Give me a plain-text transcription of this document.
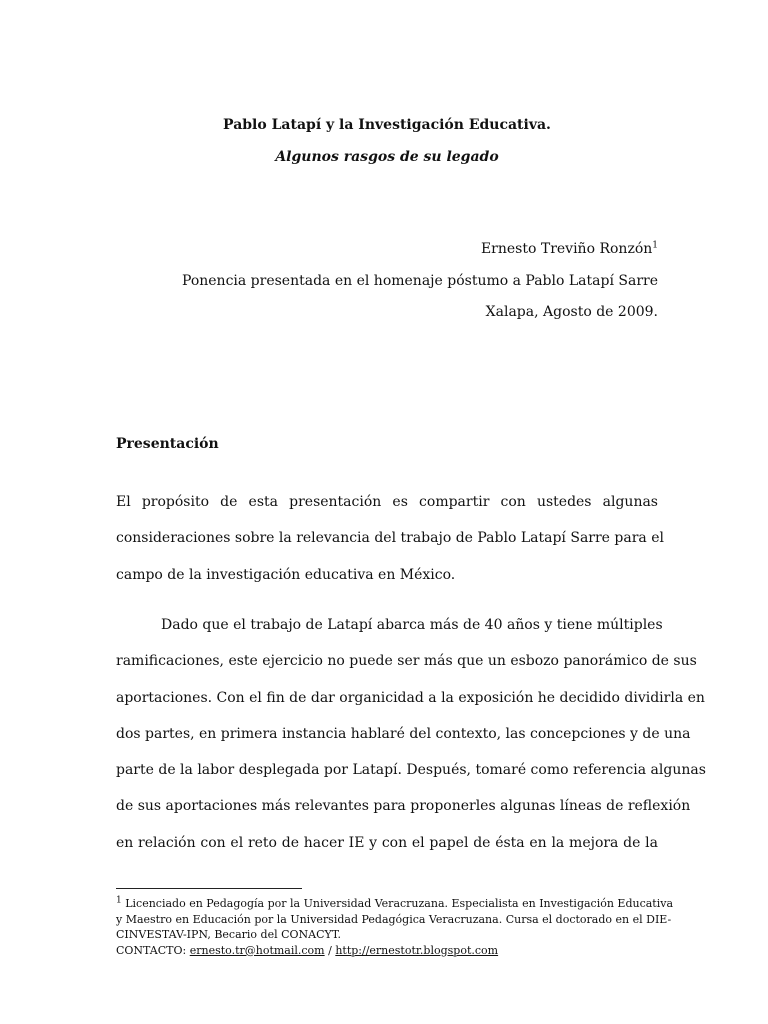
Pablo Latapí y la Investigación Educativa.
Algunos rasgos de su legado
Ernesto Treviño Ronzón$^1$
Ponencia presentada en el homenaje póstumo a Pablo Latapí Sarre
Xalapa, Agosto de 2009.
Presentación
El propósito de esta presentación es compartir con ustedes algunas
consideraciones sobre la relevancia del trabajo de Pablo Latapí Sarre para el
campo de la investigación educativa en México.
Dado que el trabajo de Latapí abarca más de 40 años y tiene múltiples
ramificaciones, este ejercicio no puede ser más que un esbozo panorámico de sus
aportaciones. Con el fin de dar organicidad a la exposición he decidido dividirla en
dos partes, en primera instancia hablaré del contexto, las concepciones y de una
parte de la labor desplegada por Latapí. Después, tomaré como referencia algunas
de sus aportaciones más relevantes para proponerles algunas líneas de reflexión
en relación con el reto de hacer IE y con el papel de ésta en la mejora de la
$^1$ Licenciado en Pedagogía por la Universidad Veracruzana. Especialista en Investigación Educativa
y Maestro en Educación por la Universidad Pedagógica Veracruzana. Cursa el doctorado en el DIE-
CINVESTAV-IPN, Becario del CONACYT.
CONTACTO: ernesto.tr@hotmail.com / http://ernestotr.blogspot.com
